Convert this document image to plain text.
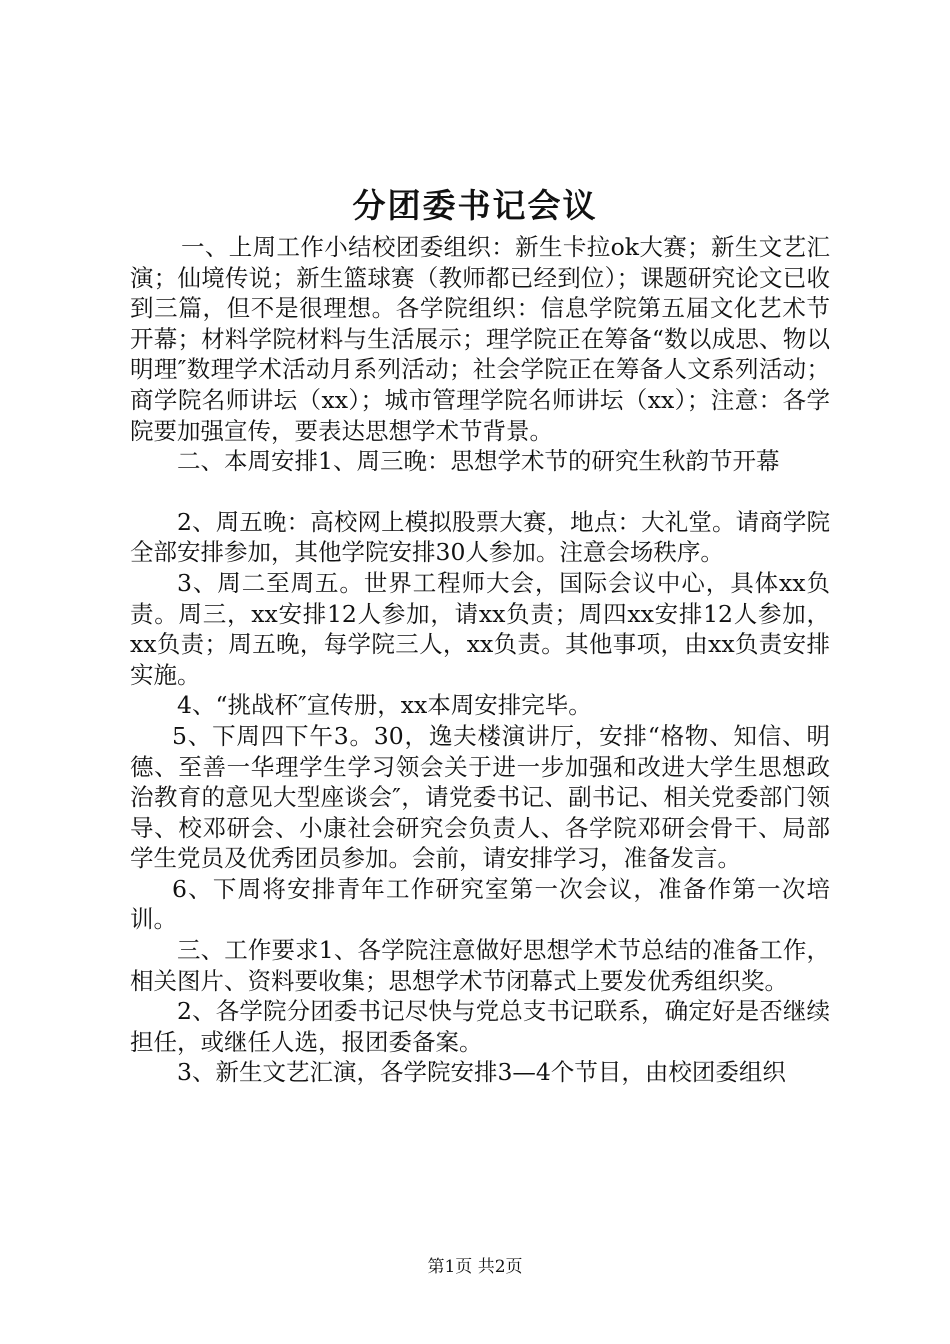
分团委书记会议

一、上周工作小结校团委组织：新生卡拉ok大赛；新生文艺汇演；仙境传说；新生篮球赛（教师都已经到位）；课题研究论文已收到三篇，但不是很理想。各学院组织：信息学院第五届文化艺术节开幕；材料学院材料与生活展示；理学院正在筹备“数以成思、物以明理″数理学术活动月系列活动；社会学院正在筹备人文系列活动；商学院名师讲坛（xx）；城市管理学院名师讲坛（xx）；注意：各学院要加强宣传，要表达思想学术节背景。

二、本周安排1、周三晚：思想学术节的研究生秋韵节开幕

2、周五晚：高校网上模拟股票大赛，地点：大礼堂。请商学院全部安排参加，其他学院安排30人参加。注意会场秩序。

3、周二至周五。世界工程师大会，国际会议中心，具体xx负责。周三，xx安排12人参加，请xx负责；周四xx安排12人参加，xx负责；周五晚，每学院三人，xx负责。其他事项，由xx负责安排实施。

4、“挑战杯″宣传册，xx本周安排完毕。

5、下周四下午3。30，逸夫楼演讲厅，安排“格物、知信、明德、至善一华理学生学习领会关于进一步加强和改进大学生思想政治教育的意见大型座谈会″，请党委书记、副书记、相关党委部门领导、校邓研会、小康社会研究会负责人、各学院邓研会骨干、局部学生党员及优秀团员参加。会前，请安排学习，准备发言。

6、下周将安排青年工作研究室第一次会议，准备作第一次培训。

三、工作要求1、各学院注意做好思想学术节总结的准备工作，相关图片、资料要收集；思想学术节闭幕式上要发优秀组织奖。

2、各学院分团委书记尽快与党总支书记联系，确定好是否继续担任，或继任人选，报团委备案。

3、新生文艺汇演，各学院安排3—4个节目，由校团委组织

第1页 共2页
